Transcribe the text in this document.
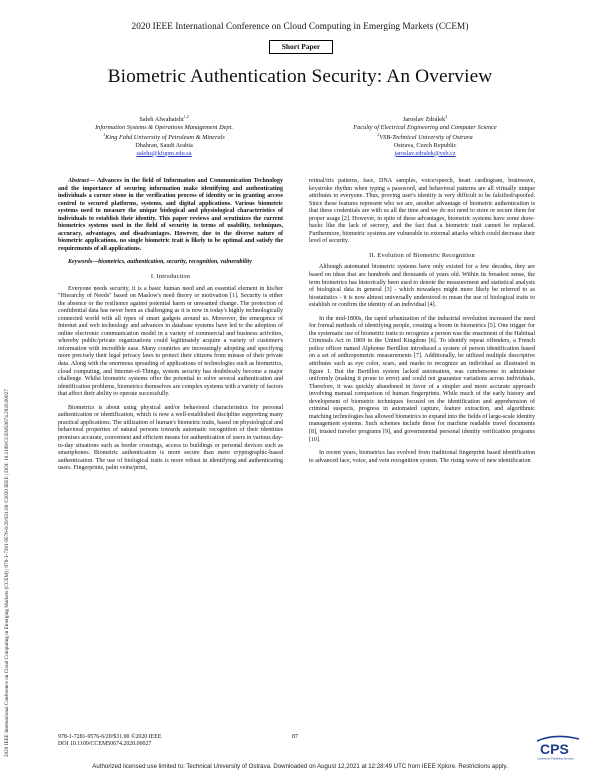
2020 IEEE International Conference on Cloud Computing in Emerging Markets (CCEM)
Short Paper
Biometric Authentication Security: An Overview
Saleh Alwahaishi$^{1,2}$
Information Systems & Operations Management Dept.
$^1$King Fahd University of Petroleum & Minerals
Dhahran, Saudi Arabia
salehs@kfupm.edu.sa
Jaroslav Zdrálek$^2$
Faculty of Electrical Engineering and Computer Science
$^2$VSB-Technical University of Ostrava
Ostrava, Czech Republic
jaroslav.zdralek@vsb.cz

Abstract— Advances in the field of Information and Communication Technology and the importance of securing information make identifying and authenticating individuals a corner stone in the verification process of identity or in granting access control to secured platforms, systems, and digital applications. Various biometric systems used to measure the unique biological and physiological characteristics of individuals to establish their identity. This paper reviews and scrutinizes the current biometrics systems used in the field of security in terms of usability, techniques, accuracy, advantages, and disadvantages. However, due to the diverse nature of biometric applications, no single biometric trait is likely to be optimal and satisfy the requirements of all applications.

Keywords—biometrics, authentication, security, recognition, vulnerability

I. Introduction

Everyone needs security, it is a basic human need and an essential element in his/her "Hierarchy of Needs" based on Maslow's need theory or motivation [1]. Security is either the absence or the resilience against potential harm or unwanted change. The protection of confidential data has never been as challenging as it is now in today's highly technologically connected world with all types of smart gadgets around us. Moreover, the emergence of Internet and web technology and advances in database systems have led to the adoption of online electronic communication model in a variety of commercial and business activities, whereby public/private organizations could legitimately acquire a variety of customer's information with incredible ease. Many countries are increasingly adopting and specifying more precisely their legal privacy laws to protect their citizens from misuse of their private data. Along with the enormous spreading of applications of technologies such as biometrics, cloud computing, and Internet-of-Things, system security has doubtlessly become a major challenge. Whilst biometric systems offer the potential to solve several authentication and identification problems, biometrics themselves are complex systems with a variety of factors that affect their ability to operate successfully.

Biometrics is about using physical and/or behavioral characteristics for personal authentication or identification, which is now a well-established discipline supporting many practical applications. The utilization of human's biometric traits, based on physiological and behavioral properties of natural persons towards automatic recognition of their identities promises accurate, convenient and efficient means for authentication of users in various day-to-day situations such as border crossings, access to buildings or personal devices such as smartphones. Biometric authentication is more secure than mere cryptographic-based authentication. The use of biological traits is more robust in identifying and authenticating users. Fingerprints, palm veins/print,

retinal/iris patterns, face, DNA samples, voice/speech, heart cardiogram, brainwave, keystroke rhythm when typing a password, and behavioral patterns are all virtually unique attributes to everyone. Thus, proving user's identity is very difficult to be falsified/spoofed. Since these features represent who we are, another advantage of biometric authentication is that these credentials are with us all the time and we do not need to store or secure them for proper usage [2]. However, in spite of these advantages, biometric systems have some draw-backs like the lack of secrecy, and the fact that a biometric trait cannot be replaced. Furthermore, biometric systems are vulnerable to external attacks which could decrease their level of security.

II. Evolution of Biometric Recognition

Although automated biometric systems have only existed for a few decades, they are based on ideas that are hundreds and thousands of years old. Within its broadest sense, the term biometrics has historically been used to denote the measurement and statistical analysis of biological data in general [3] - which nowadays might more likely be referred to as biostatistics - it is now almost universally understood to mean the use of biological traits to establish or confirm the identity of an individual [4].

In the mid-1800s, the rapid urbanization of the industrial revolution increased the need for formal methods of identifying people, creating a boom in biometrics [5]. One trigger for the systematic use of biometric traits to recognize a person was the enactment of the Habitual Criminals Act in 1869 in the United Kingdom [6]. To identify repeat offenders, a French police officer named Alphonse Bertillon introduced a system of person identification based on a set of anthropometric measurements [7]. Additionally, he utilized multiple descriptive attributes such as eye color, scars, and marks to recognize an individual as illustrated in figure 1. But the Bertillon system lacked automation, was cumbersome to administer uniformly (making it prone to error) and could not guarantee variations across individuals. Therefore, it was quickly abandoned in favor of a simpler and more accurate approach involving manual comparison of human fingerprints. While much of the early history and development of biometric techniques focused on the identification and apprehension of criminal suspects, progress in automated capture, feature extraction, and algorithmic matching technologies has allowed biometrics to expand into the fields of large-scale identity management systems. Such schemes include those for machine readable travel documents [8], trusted traveler programs [9], and governmental personal identity verification programs [10].

In recent years, biometrics has evolved from traditional fingerprint based identification to advanced face, voice, and vein recognition system. The rising wave of new identification

2020 IEEE International Conference on Cloud Computing in Emerging Markets (CCEM) | 978-1-7281-9576-6/20/$31.00 ©2020 IEEE | DOI: 10.1109/CCEM50674.2020.00027	978-1-7281-9576-6/20/$31.00 ©2020 IEEE
DOI 10.1109/CCEM50674.2020.00027
87
CPS
Conference Publishing Services
Authorized licensed use limited to: Technical University of Ostrava. Downloaded on August 12,2021 at 12:28:49 UTC from IEEE Xplore. Restrictions apply.
